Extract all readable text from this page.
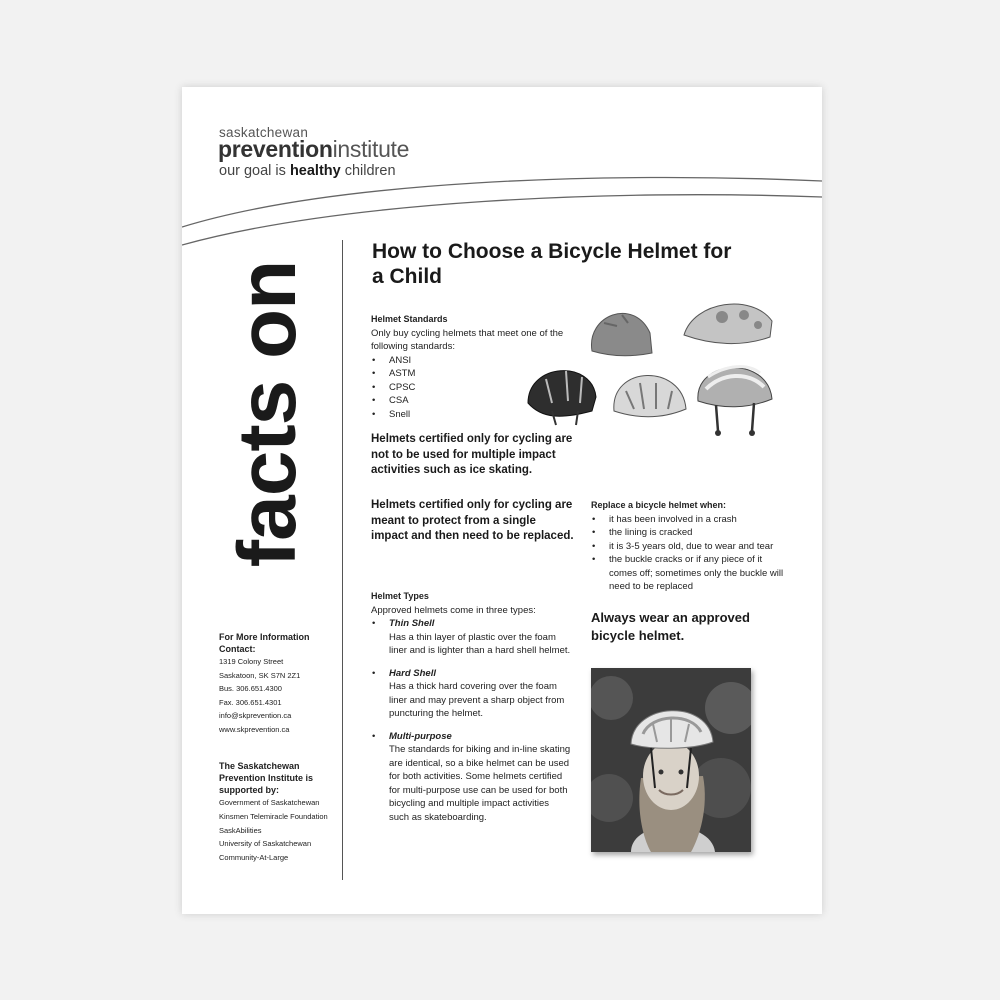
saskatchewan
preventioninstitute
our goal is healthy children
facts on
For More Information Contact:
1319 Colony Street
Saskatoon, SK S7N 2Z1
Bus. 306.651.4300
Fax. 306.651.4301
info@skprevention.ca
www.skprevention.ca
The Saskatchewan Prevention Institute is supported by:
Government of Saskatchewan
Kinsmen Telemiracle Foundation
SaskAbilities
University of Saskatchewan
Community-At-Large
How to Choose a Bicycle Helmet for a Child
Helmet Standards
Only buy cycling helmets that meet one of the following standards:
• ANSI
• ASTM
• CPSC
• CSA
• Snell
Helmets certified only for cycling are not to be used for multiple impact activities such as ice skating.
Helmets certified only for cycling are meant to protect from a single impact and then need to be replaced.
Helmet Types
Approved helmets come in three types:
• Thin Shell
Has a thin layer of plastic over the foam liner and is lighter than a hard shell helmet.
• Hard Shell
Has a thick hard covering over the foam liner and may prevent a sharp object from puncturing the helmet.
• Multi-purpose
The standards for biking and in-line skating are identical, so a bike helmet can be used for both activities. Some helmets certified for multi-purpose use can be used for both bicycling and multiple impact activities such as skateboarding.
Replace a bicycle helmet when:
• it has been involved in a crash
• the lining is cracked
• it is 3-5 years old, due to wear and tear
• the buckle cracks or if any piece of it comes off; sometimes only the buckle will need to be replaced
Always wear an approved bicycle helmet.
